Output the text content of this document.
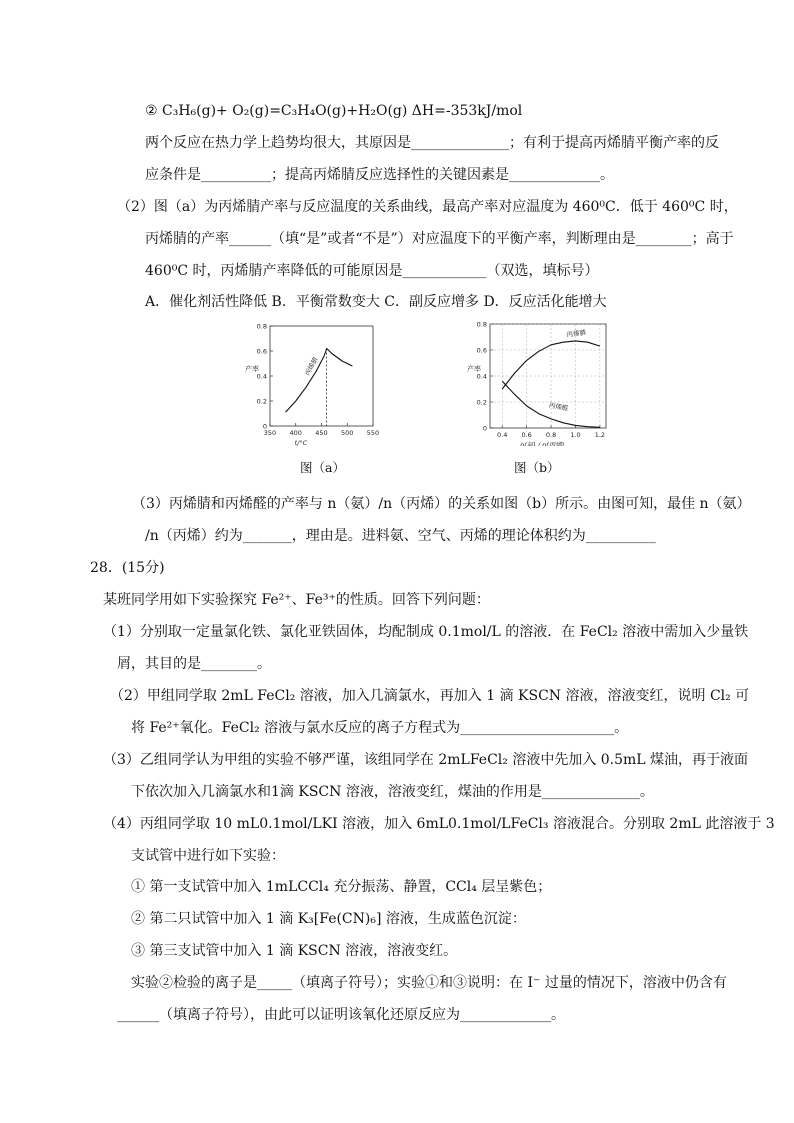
② C₃H₆(g)+ O₂(g)=C₃H₄O(g)+H₂O(g) ΔH=-353kJ/mol
两个反应在热力学上趋势均很大，其原因是______________；有利于提高丙烯腈平衡产率的反
应条件是__________；提高丙烯腈反应选择性的关键因素是_____________。
（2）图（a）为丙烯腈产率与反应温度的关系曲线，最高产率对应温度为 460⁰C．低于 460⁰C 时，
丙烯腈的产率______（填“是”或者“不是”）对应温度下的平衡产率，判断理由是________；高于
460⁰C 时，丙烯腈产率降低的可能原因是____________（双选，填标号）
A．催化剂活性降低 B．平衡常数变大 C．副反应增多 D．反应活化能增大
0.8
0.6
0.4
0.2
0
350 400 450 500 550
产率
t/°C
丙烯腈
图（a）
0.8
0.6
0.4
0.2
0
0.4 0.6 0.8 1.0 1.2
产率
n(氨) / n(丙烯)
丙烯腈
丙烯醛
图（b）
（3）丙烯腈和丙烯醛的产率与 n（氨）/n（丙烯）的关系如图（b）所示。由图可知，最佳 n（氨）
/n（丙烯）约为_______，理由是。进料氨、空气、丙烯的理论体积约为__________
28．(15分)
某班同学用如下实验探究 Fe²⁺、Fe³⁺的性质。回答下列问题：
（1）分别取一定量氯化铁、氯化亚铁固体，均配制成 0.1mol/L 的溶液．在 FeCl₂ 溶液中需加入少量铁
屑，其目的是________。
（2）甲组同学取 2mL FeCl₂ 溶液，加入几滴氯水，再加入 1 滴 KSCN 溶液，溶液变红，说明 Cl₂ 可
将 Fe²⁺氧化。FeCl₂ 溶液与氯水反应的离子方程式为______________________。
（3）乙组同学认为甲组的实验不够严谨，该组同学在 2mLFeCl₂ 溶液中先加入 0.5mL 煤油，再于液面
下依次加入几滴氯水和1滴 KSCN 溶液，溶液变红，煤油的作用是______________。
（4）丙组同学取 10 mL0.1mol/LKI 溶液，加入 6mL0.1mol/LFeCl₃ 溶液混合。分别取 2mL 此溶液于 3
支试管中进行如下实验：
① 第一支试管中加入 1mLCCl₄ 充分振荡、静置，CCl₄ 层呈紫色；
② 第二只试管中加入 1 滴 K₃[Fe(CN)₆] 溶液，生成蓝色沉淀：
③ 第三支试管中加入 1 滴 KSCN 溶液，溶液变红。
实验②检验的离子是_____（填离子符号）；实验①和③说明：在 I⁻ 过量的情况下，溶液中仍含有
______（填离子符号），由此可以证明该氧化还原反应为_____________。
